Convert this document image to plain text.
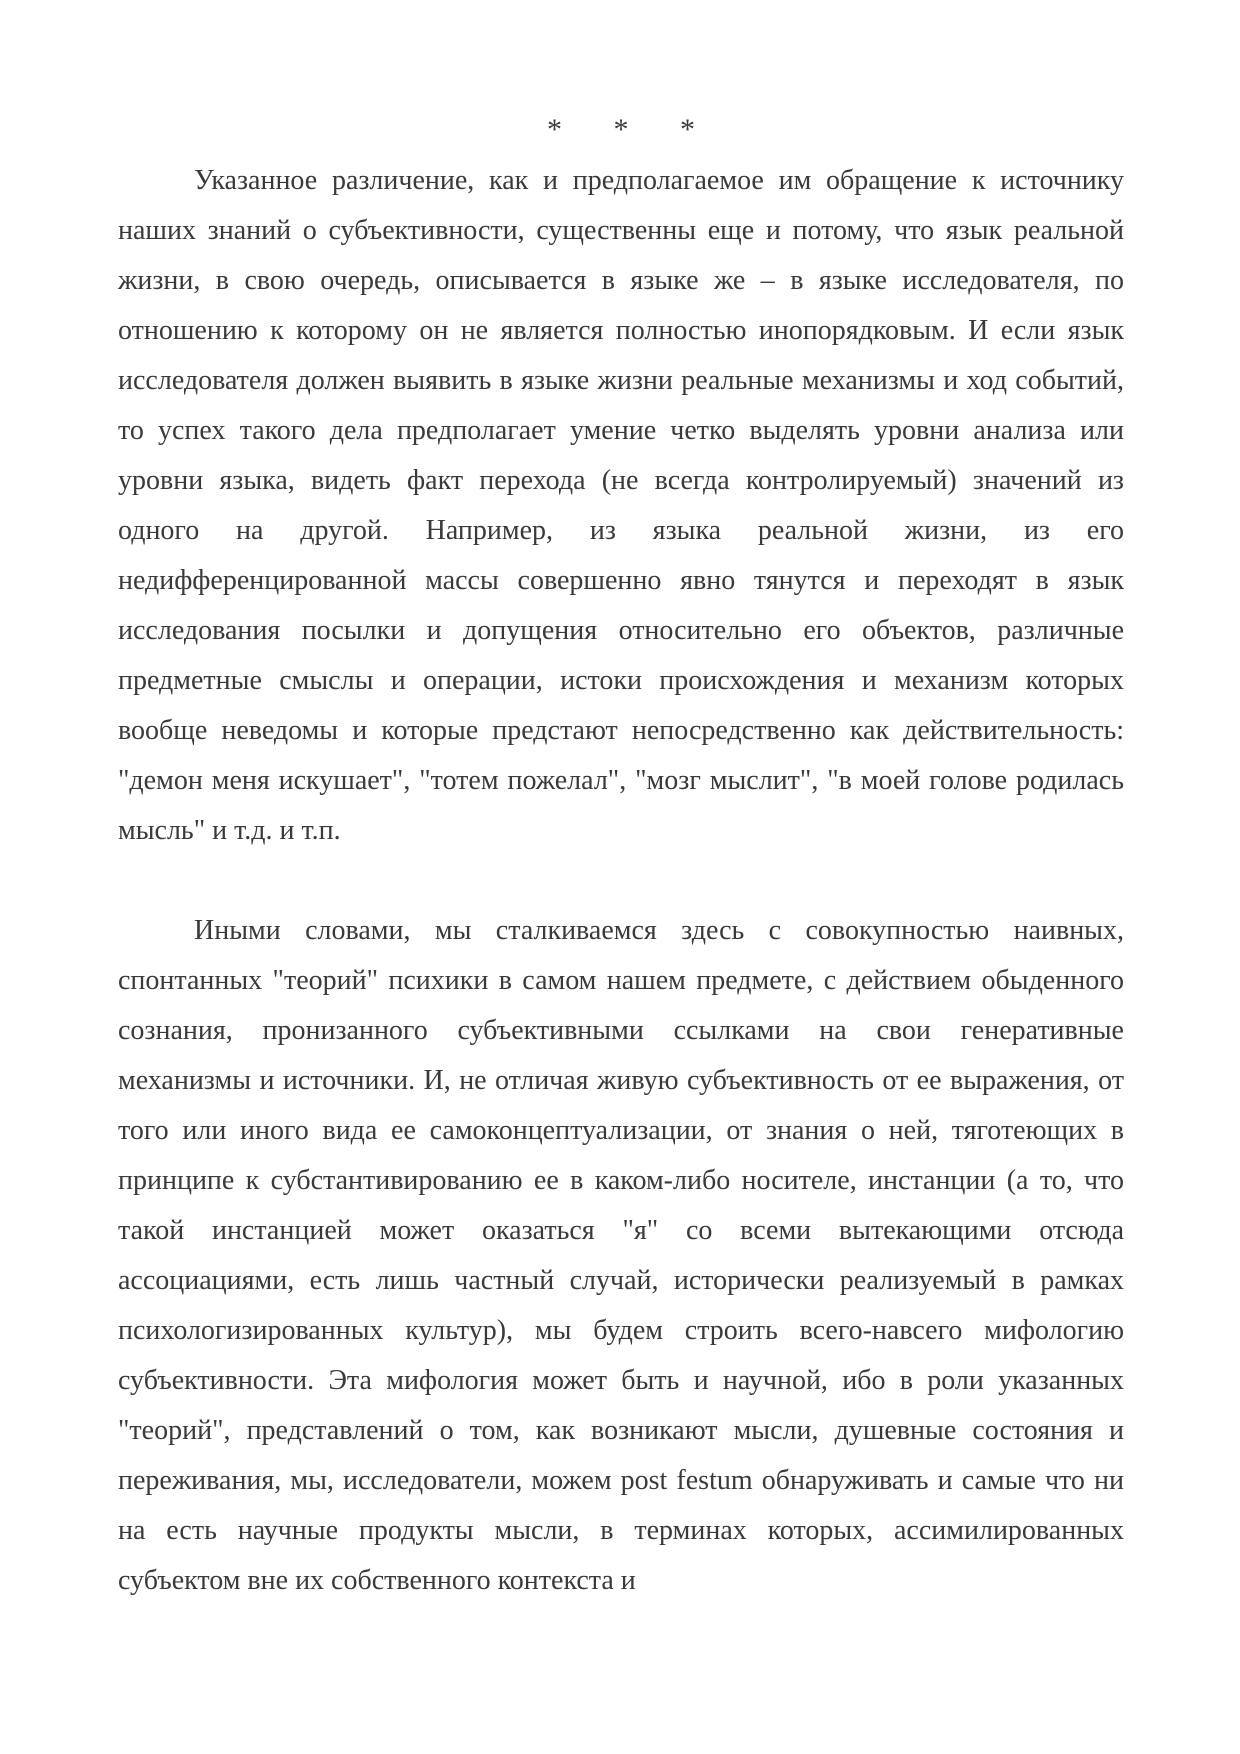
* * *

Указанное различение, как и предполагаемое им обращение к источнику наших знаний о субъективности, существенны еще и потому, что язык реальной жизни, в свою очередь, описывается в языке же – в языке исследователя, по отношению к которому он не является полностью инопорядковым. И если язык исследователя должен выявить в языке жизни реальные механизмы и ход событий, то успех такого дела предполагает умение четко выделять уровни анализа или уровни языка, видеть факт перехода (не всегда контролируемый) значений из одного на другой. Например, из языка реальной жизни, из его недифференцированной массы совершенно явно тянутся и переходят в язык исследования посылки и допущения относительно его объектов, различные предметные смыслы и операции, истоки происхождения и механизм которых вообще неведомы и которые предстают непосредственно как действительность: "демон меня искушает", "тотем пожелал", "мозг мыслит", "в моей голове родилась мысль" и т.д. и т.п.

Иными словами, мы сталкиваемся здесь с совокупностью наивных, спонтанных "теорий" психики в самом нашем предмете, с действием обыденного сознания, пронизанного субъективными ссылками на свои генеративные механизмы и источники. И, не отличая живую субъективность от ее выражения, от того или иного вида ее самоконцептуализации, от знания о ней, тяготеющих в принципе к субстантивированию ее в каком-либо носителе, инстанции (а то, что такой инстанцией может оказаться "я" со всеми вытекающими отсюда ассоциациями, есть лишь частный случай, исторически реализуемый в рамках психологизированных культур), мы будем строить всего-навсего мифологию субъективности. Эта мифология может быть и научной, ибо в роли указанных "теорий", представлений о том, как возникают мысли, душевные состояния и переживания, мы, исследователи, можем post festum обнаруживать и самые что ни на есть научные продукты мысли, в терминах которых, ассимилированных субъектом вне их собственного контекста и
